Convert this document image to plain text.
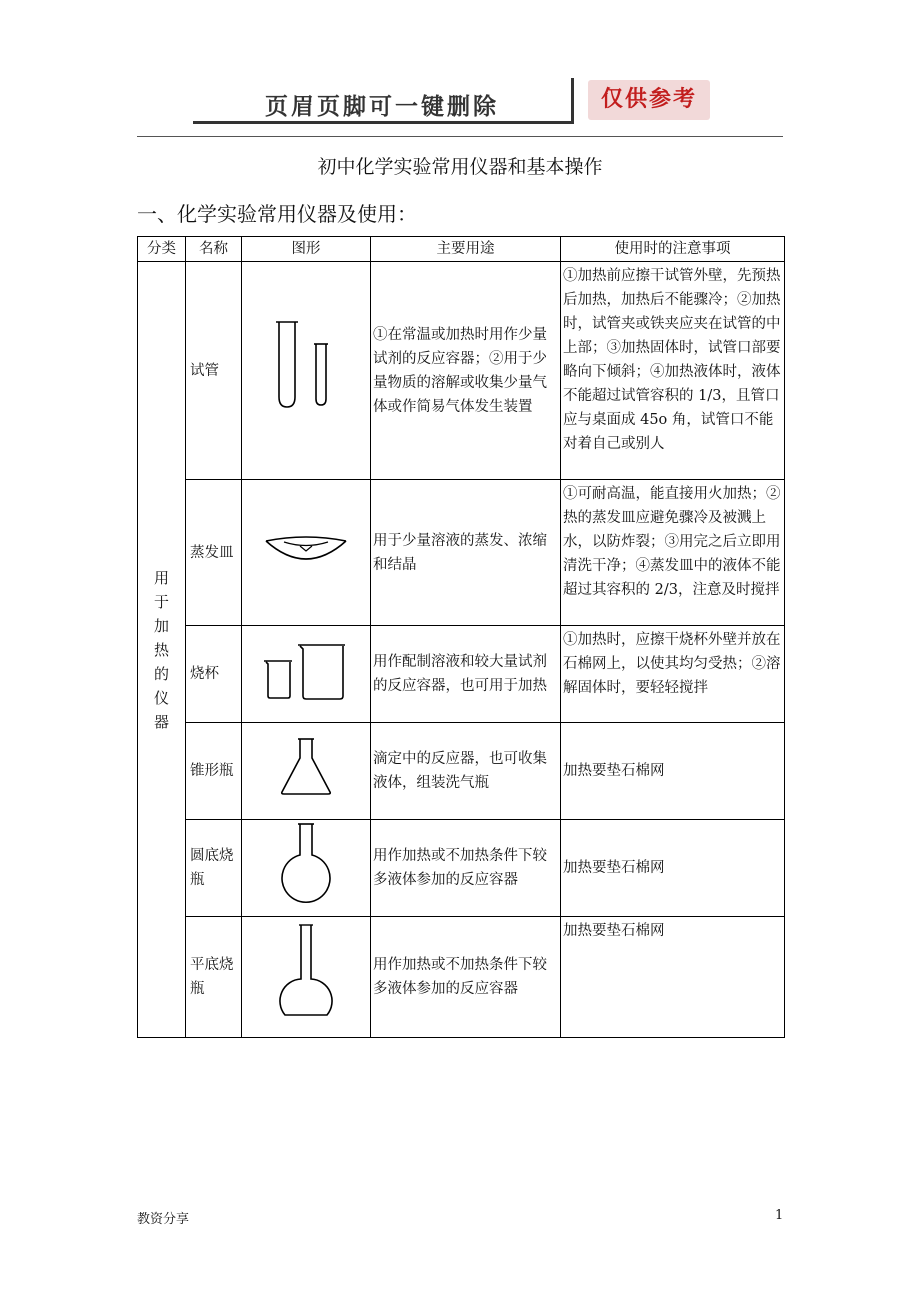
页眉页脚可一键删除	仅供参考
初中化学实验常用仪器和基本操作
一、化学实验常用仪器及使用：
分类	名称	图形	主要用途	使用时的注意事项

用于加热的仪器	试管		①在常温或加热时用作少量试剂的反应容器；②用于少量物质的溶解或收集少量气体或作简易气体发生装置	①加热前应擦干试管外壁，先预热后加热，加热后不能骤冷；②加热时，试管夹或铁夹应夹在试管的中上部；③加热固体时，试管口部要略向下倾斜；④加热液体时，液体不能超过试管容积的 1/3，且管口应与桌面成 45o 角，试管口不能对着自己或别人
	蒸发皿		用于少量溶液的蒸发、浓缩和结晶	①可耐高温，能直接用火加热；②热的蒸发皿应避免骤冷及被溅上水，以防炸裂；③用完之后立即用清洗干净；④蒸发皿中的液体不能超过其容积的 2/3，注意及时搅拌
	烧杯		用作配制溶液和较大量试剂的反应容器，也可用于加热	①加热时，应擦干烧杯外壁并放在石棉网上，以使其均匀受热；②溶解固体时，要轻轻搅拌
	锥形瓶		滴定中的反应器，也可收集液体，组装洗气瓶	加热要垫石棉网
	圆底烧瓶		用作加热或不加热条件下较多液体参加的反应容器	加热要垫石棉网
	平底烧瓶		用作加热或不加热条件下较多液体参加的反应容器	加热要垫石棉网
教资分享	1
